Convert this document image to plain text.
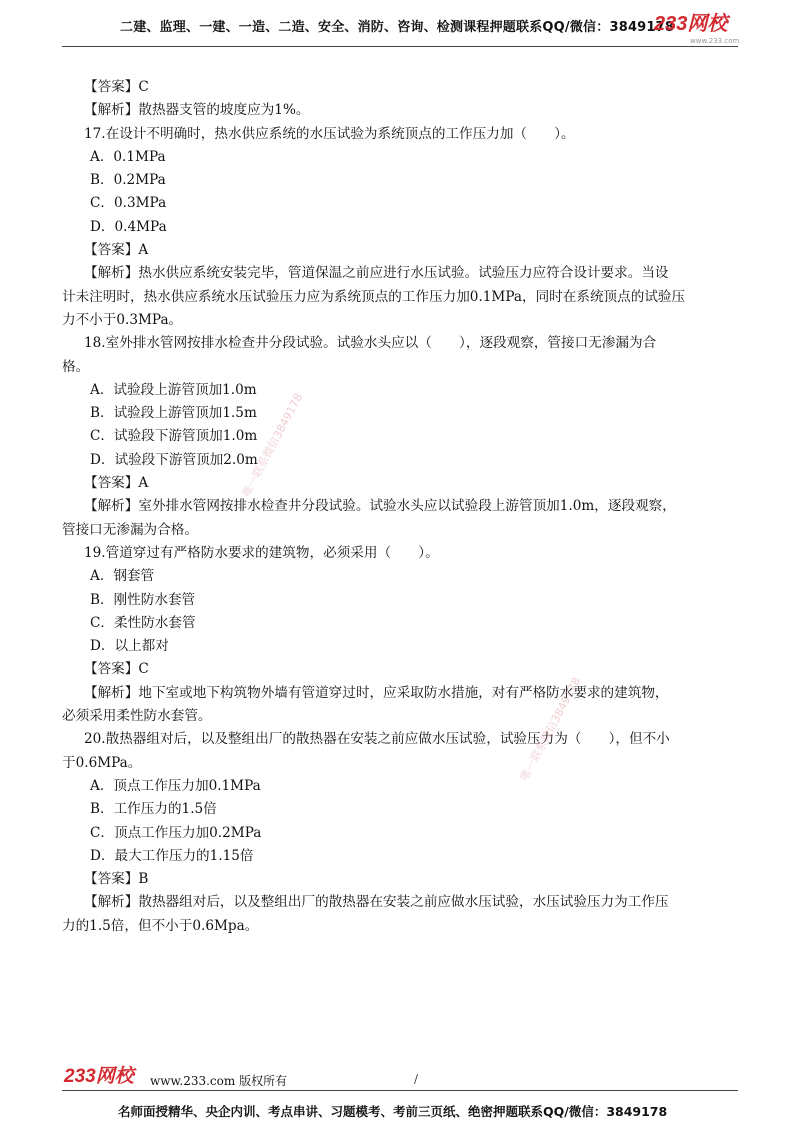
二建、监理、一建、一造、二造、安全、消防、咨询、检测课程押题联系QQ/微信：3849178
233网校
www.233.com
【答案】C
【解析】散热器支管的坡度应为1%。
17.在设计不明确时，热水供应系统的水压试验为系统顶点的工作压力加（　　）。
A．0.1MPa
B．0.2MPa
C．0.3MPa
D．0.4MPa
【答案】A
【解析】热水供应系统安装完毕，管道保温之前应进行水压试验。试验压力应符合设计要求。当设
计未注明时，热水供应系统水压试验压力应为系统顶点的工作压力加0.1MPa，同时在系统顶点的试验压
力不小于0.3MPa。
18.室外排水管网按排水检查井分段试验。试验水头应以（　　），逐段观察，管接口无渗漏为合
格。
A．试验段上游管顶加1.0m
B．试验段上游管顶加1.5m
C．试验段下游管顶加1.0m
D．试验段下游管顶加2.0m
【答案】A
【解析】室外排水管网按排水检查井分段试验。试验水头应以试验段上游管顶加1.0m，逐段观察，
管接口无渗漏为合格。
19.管道穿过有严格防水要求的建筑物，必须采用（　　）。
A．钢套管
B．刚性防水套管
C．柔性防水套管
D．以上都对
【答案】C
【解析】地下室或地下构筑物外墙有管道穿过时，应采取防水措施，对有严格防水要求的建筑物，
必须采用柔性防水套管。
20.散热器组对后，以及整组出厂的散热器在安装之前应做水压试验，试验压力为（　　），但不小
于0.6MPa。
A．顶点工作压力加0.1MPa
B．工作压力的1.5倍
C．顶点工作压力加0.2MPa
D．最大工作压力的1.15倍
【答案】B
【解析】散热器组对后，以及整组出厂的散热器在安装之前应做水压试验，水压试验压力为工作压
力的1.5倍，但不小于0.6Mpa。
唯一联系微信3849178
唯一联系微信3849178
233网校 www.233.com 版权所有	/
名师面授精华、央企内训、考点串讲、习题模考、考前三页纸、绝密押题联系QQ/微信：3849178
